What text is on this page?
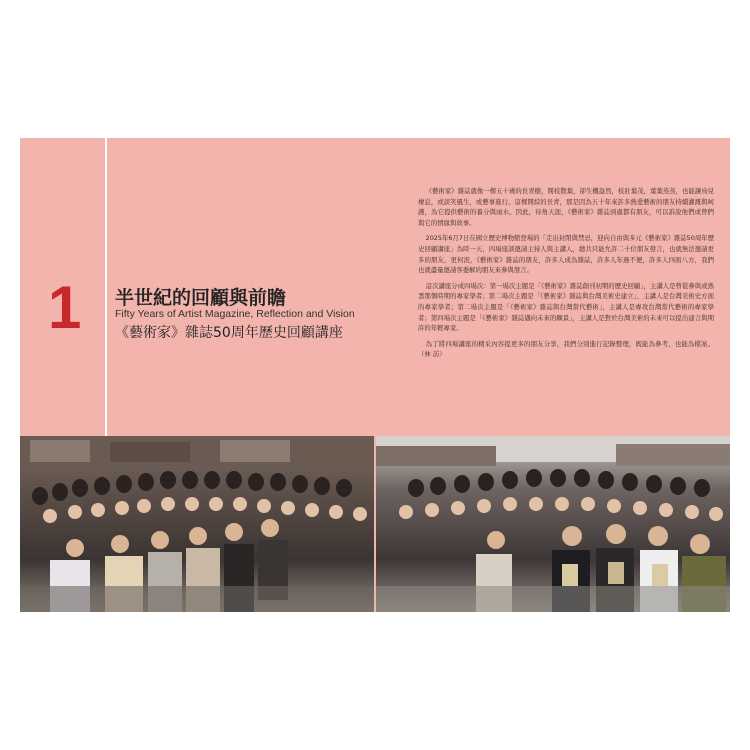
1 半世紀的回顧與前瞻
Fifty Years of Artist Magazine, Reflection and Vision
《藝術家》雜誌50周年歷史回顧講座

《藝術家》雜誌就像一棵五十歲的長青樹，開枝散葉，卻生機盎然，枝壯葉茂，葉葉蒸蒸，也能讓鳥兒棲息，或談笑風生，或藝事進行。這棵開綻的長青，那是因為五十年來許多熱愛藝術的朋友持續灌溉與呵護，為它提供藝術的養分與雨水。因此，待角天涯，《藝術家》雜誌到處都有朋友，可以訴說他們或曾們與它的情緣與故事。

2025年6月7日在國立歷史博物館登場的「走出封閉與禁忌，迎向自由與多元《藝術家》雜誌50周年歷史回顧講座」為時一天，四場座談邀請主持人與主講人，總共只能允許二十位朋友發言，也就無法邀請更多的朋友，更何況，《藝術家》雜誌的朋友，許多人成為雜誌，許多人年過不便，許多人四面八方，我們也就盡量邀請客委解的朋友來參與發言。

這次講座分成四場次：第一場次主題是「《藝術家》雜誌創刊初期的歷史回顧」，主講人是曾從參與或熟悉那個時期的專家學者；第二場次主題是「《藝術家》雜誌與台灣美術史建立」，主講人是台灣美術史方面的專家學者；第二場次主題是「《藝術家》雜誌與台灣當代藝術」，主講人是專攻台灣當代藝術的專家學者；第四場次主題是「《藝術家》雜誌邁向未來的願景」，主講人是對於台灣美術的未來可以提出建言與期許的年輕專家。

為了將四場講座的精采內容提更多的朋友分享，我們分別進行記錄整理，既能為參考，也能為檔案。（林 訪）
